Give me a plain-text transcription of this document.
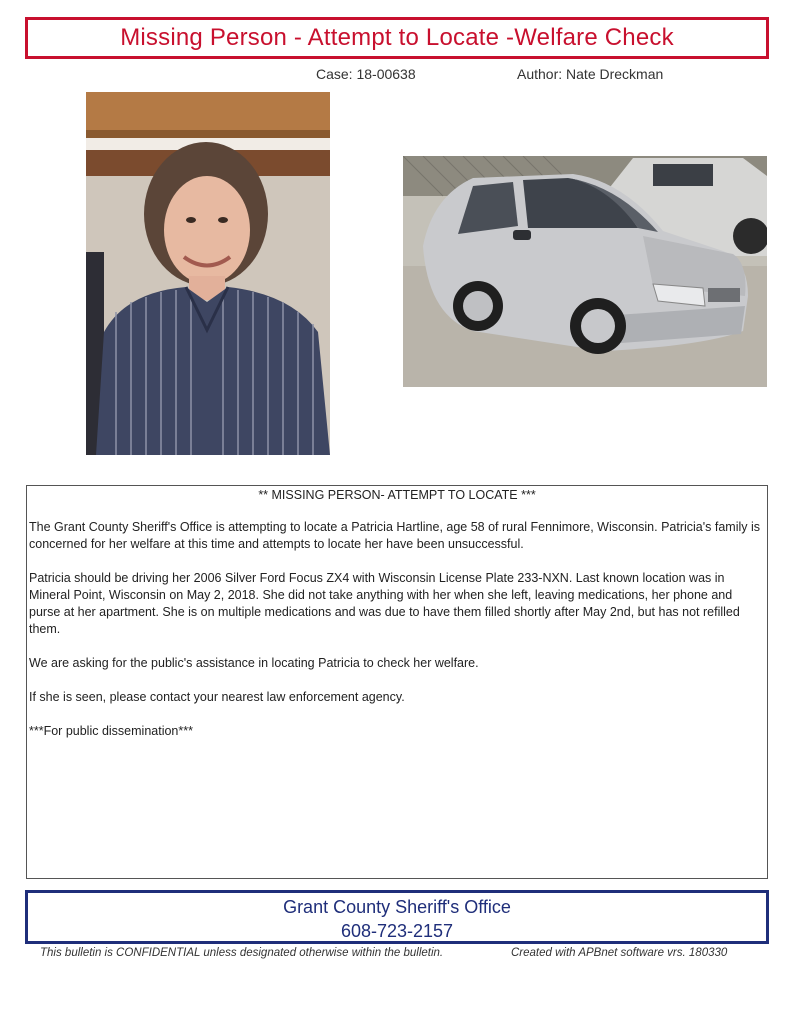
Missing Person - Attempt to Locate -Welfare Check
Case: 18-00638	Author: Nate Dreckman

** MISSING PERSON- ATTEMPT TO LOCATE ***

The Grant County Sheriff's Office is attempting to locate a Patricia Hartline, age 58 of rural Fennimore, Wisconsin. Patricia's family is concerned for her welfare at this time and attempts to locate her have been unsuccessful.

Patricia should be driving her 2006 Silver Ford Focus ZX4 with Wisconsin License Plate 233-NXN. Last known location was in Mineral Point, Wisconsin on May 2, 2018. She did not take anything with her when she left, leaving medications, her phone and purse at her apartment. She is on multiple medications and was due to have them filled shortly after May 2nd, but has not refilled them.

We are asking for the public's assistance in locating Patricia to check her welfare.

If she is seen, please contact your nearest law enforcement agency.

***For public dissemination***

Grant County Sheriff's Office
608-723-2157
This bulletin is CONFIDENTIAL unless designated otherwise within the bulletin.	Created with APBnet software vrs. 180330
